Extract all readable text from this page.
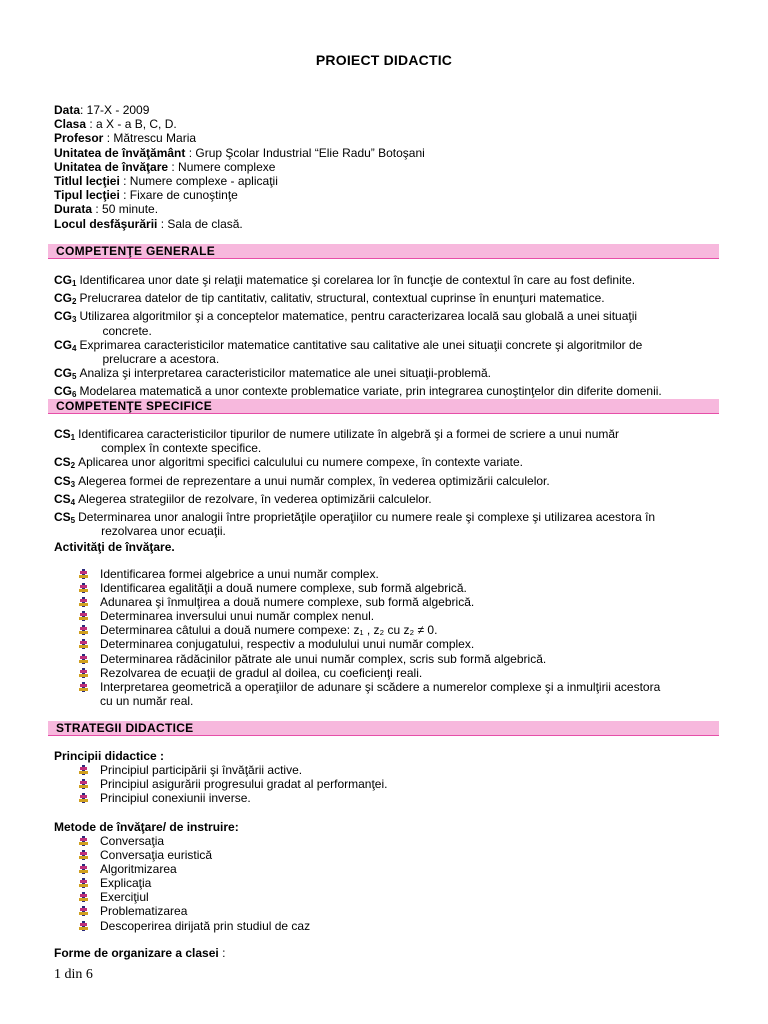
PROIECT DIDACTIC
Data: 17-X - 2009
Clasa : a X - a B, C, D.
Profesor : Mătrescu Maria
Unitatea de învăţământ : Grup Şcolar Industrial “Elie Radu” Botoşani
Unitatea de învăţare : Numere complexe
Titlul lecţiei : Numere complexe - aplicaţii
Tipul lecţiei : Fixare de cunoştinţe
Durata : 50 minute.
Locul desfăşurării : Sala de clasă.
COMPETENŢE GENERALE
$CG_1$ Identificarea unor date şi relaţii matematice şi corelarea lor în funcţie de contextul în care au fost definite.
$CG_2$ Prelucrarea datelor de tip cantitativ, calitativ, structural, contextual cuprinse în enunţuri matematice.
$CG_3$ Utilizarea algoritmilor şi a conceptelor matematice, pentru caracterizarea locală sau globală a unei situaţii
concrete.
$CG_4$ Exprimarea caracteristicilor matematice cantitative sau calitative ale unei situaţii concrete şi algoritmilor de
prelucrare a acestora.
$CG_5$ Analiza şi interpretarea caracteristicilor matematice ale unei situaţii-problemă.
$CG_6$ Modelarea matematică a unor contexte problematice variate, prin integrarea cunoştinţelor din diferite domenii.
COMPETENŢE SPECIFICE
$CS_1$ Identificarea caracteristicilor tipurilor de numere utilizate în algebră şi a formei de scriere a unui număr
complex în contexte specifice.
$CS_2$ Aplicarea unor algoritmi specifici calculului cu numere compexe, în contexte variate.
$CS_3$ Alegerea formei de reprezentare a unui număr complex, în vederea optimizării calculelor.
$CS_4$ Alegerea strategiilor de rezolvare, în vederea optimizării calculelor.
$CS_5$ Determinarea unor analogii între proprietăţile operaţiilor cu numere reale şi complexe şi utilizarea acestora în
rezolvarea unor ecuaţii.
Activităţi de învăţare.
Identificarea formei algebrice a unui număr complex.
Identificarea egalităţii a două numere complexe, sub formă algebrică.
Adunarea şi înmulţirea a două numere complexe, sub formă algebrică.
Determinarea inversului unui număr complex nenul.
Determinarea câtului a două numere compexe: z₁ , z₂ cu z₂ ≠ 0.
Determinarea conjugatului, respectiv a modulului unui număr complex.
Determinarea rădăcinilor pătrate ale unui număr complex, scris sub formă algebrică.
Rezolvarea de ecuaţii de gradul al doilea, cu coeficienţi reali.
Interpretarea geometrică a operaţiilor de adunare şi scădere a numerelor complexe şi a inmulţirii acestora
cu un număr real.
STRATEGII DIDACTICE
Principii didactice :
Principiul participării şi învăţării active.
Principiul asigurării progresului gradat al performanţei.
Principiul conexiunii inverse.
Metode de învăţare/ de instruire:
Conversaţia
Conversaţia euristică
Algoritmizarea
Explicaţia
Exerciţiul
Problematizarea
Descoperirea dirijată prin studiul de caz
Forme de organizare a clasei :
1 din 6
